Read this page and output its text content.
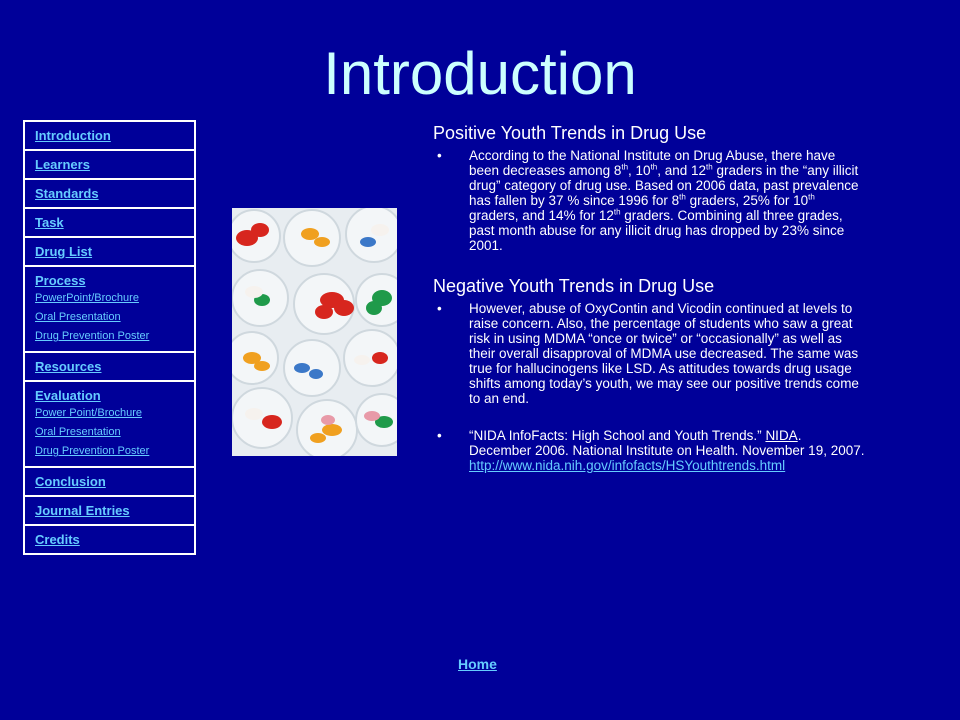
Introduction
Introduction
Learners
Standards
Task
Drug List
Process
PowerPoint/Brochure
Oral Presentation
Drug Prevention Poster
Resources
Evaluation
Power Point/Brochure
Oral Presentation
Drug Prevention Poster
Conclusion
Journal Entries
Credits
Positive Youth Trends in Drug Use
• According to the National Institute on Drug Abuse, there have been decreases among 8th, 10th, and 12th graders in the “any illicit drug” category of drug use. Based on 2006 data, past prevalence has fallen by 37 % since 1996 for 8th graders, 25% for 10th graders, and 14% for 12th graders. Combining all three grades, past month abuse for any illicit drug has dropped by 23% since 2001.
Negative Youth Trends in Drug Use
• However, abuse of OxyContin and Vicodin continued at levels to raise concern. Also, the percentage of students who saw a great risk in using MDMA “once or twice” or “occasionally” as well as their overall disapproval of MDMA use decreased. The same was true for hallucinogens like LSD. As attitudes towards drug usage shifts among today’s youth, we may see our positive trends come to an end.
• “NIDA InfoFacts: High School and Youth Trends.” NIDA. December 2006. National Institute on Health. November 19, 2007. http://www.nida.nih.gov/infofacts/HSYouthtrends.html
Home
